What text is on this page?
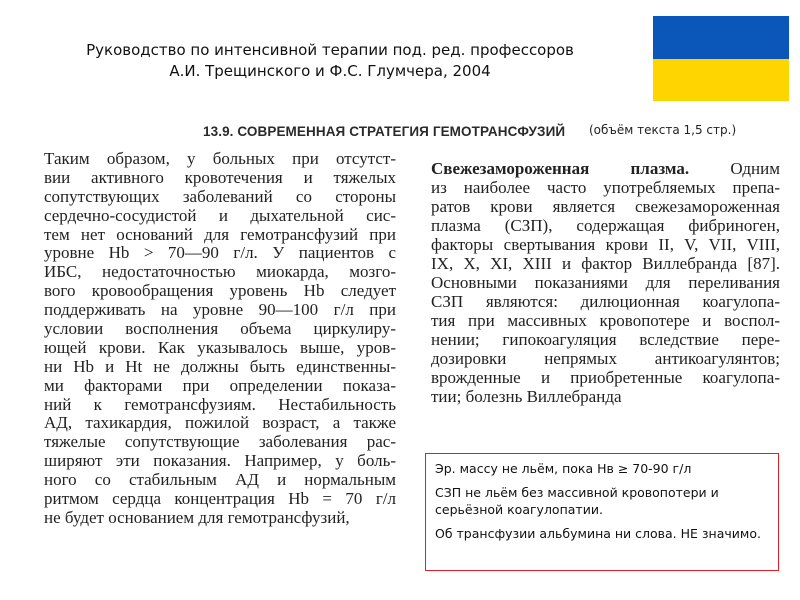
Руководство по интенсивной терапии под. ред. профессоров
А.И. Трещинского и Ф.С. Глумчера, 2004
13.9. СОВРЕМЕННАЯ СТРАТЕГИЯ ГЕМОТРАНСФУЗИЙ (объём текста 1,5 стр.)
Таким образом, у больных при отсутст-
вии активного кровотечения и тяжелых
сопутствующих заболеваний со стороны
сердечно-сосудистой и дыхательной сис-
тем нет оснований для гемотрансфузий при
уровне Hb > 70—90 г/л. У пациентов с
ИБС, недостаточностью миокарда, мозго-
вого кровообращения уровень Hb следует
поддерживать на уровне 90—100 г/л при
условии восполнения объема циркулиру-
ющей крови. Как указывалось выше, уров-
ни Hb и Ht не должны быть единственны-
ми факторами при определении показа-
ний к гемотрансфузиям. Нестабильность
АД, тахикардия, пожилой возраст, а также
тяжелые сопутствующие заболевания рас-
ширяют эти показания. Например, у боль-
ного со стабильным АД и нормальным
ритмом сердца концентрация Hb = 70 г/л
не будет основанием для гемотрансфузий,
Свежезамороженная плазма. Одним
из наиболее часто употребляемых препа-
ратов крови является свежезамороженная
плазма (СЗП), содержащая фибриноген,
факторы свертывания крови II, V, VII, VIII,
IX, X, XI, XIII и фактор Виллебранда [87].
Основными показаниями для переливания
СЗП являются: дилюционная коагулопа-
тия при массивных кровопотере и воспол-
нении; гипокоагуляция вследствие пере-
дозировки непрямых антикоагулянтов;
врожденные и приобретенные коагулопа-
тии; болезнь Виллебранда

Эр. массу не льём, пока Нв ≥ 70-90 г/л

СЗП не льём без массивной кровопотери и серьёзной коагулопатии.

Об трансфузии альбумина ни слова. НЕ значимо.
